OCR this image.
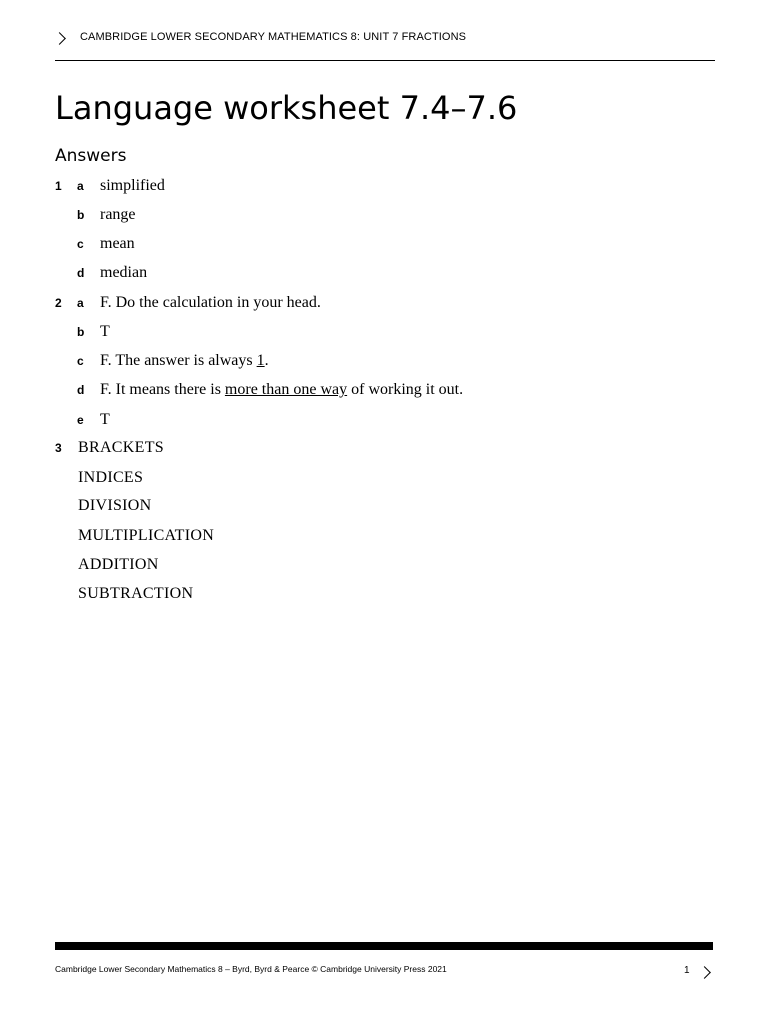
CAMBRIDGE LOWER SECONDARY MATHEMATICS 8: UNIT 7 FRACTIONS
Language worksheet 7.4–7.6
Answers
1 a simplified
b range
c mean
d median
2 a F. Do the calculation in your head.
b T
c F. The answer is always 1.
d F. It means there is more than one way of working it out.
e T
3 BRACKETS
INDICES
DIVISION
MULTIPLICATION
ADDITION
SUBTRACTION
Cambridge Lower Secondary Mathematics 8 – Byrd, Byrd & Pearce © Cambridge University Press 2021	1
